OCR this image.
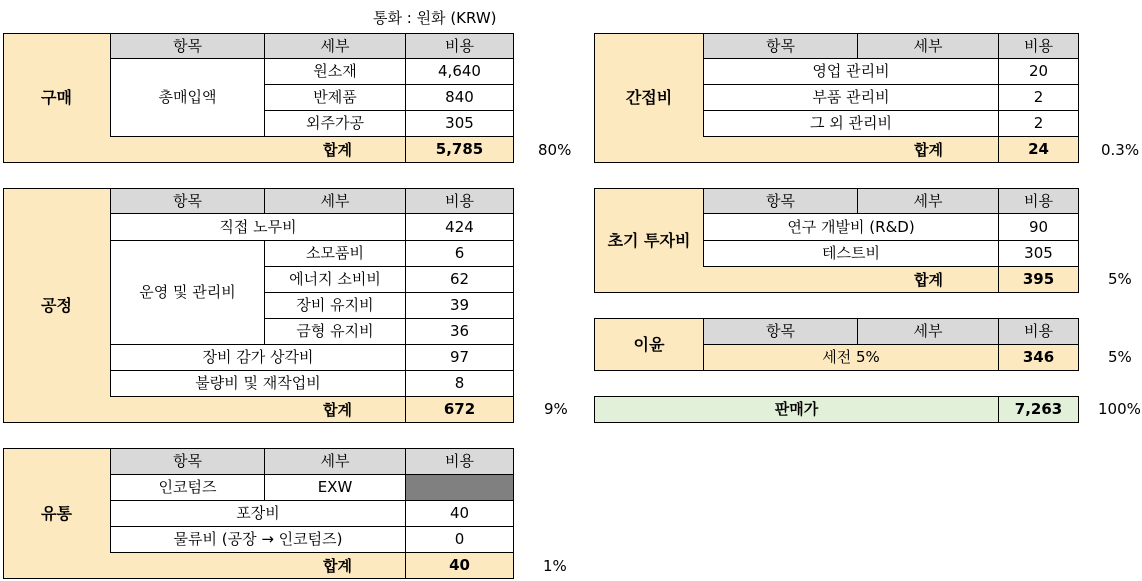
통화 : 원화 (KRW)
구매
항목	세부	비용
총매입액
원소재	4,640
반제품	840
외주가공	305
합계	5,785	80%
공정
항목	세부	비용
직접 노무비	424
운영 및 관리비
소모품비	6
에너지 소비비	62
장비 유지비	39
금형 유지비	36
장비 감가 상각비	97
불량비 및 재작업비	8
합계	672	9%
유통
항목	세부	비용
인코텀즈	EXW
포장비	40
물류비 (공장 → 인코텀즈)	0
합계	40	1%
간접비
항목	세부	비용
영업 관리비	20
부품 관리비	2
그 외 관리비	2
합계	24	0.3%
초기 투자비
항목	세부	비용
연구 개발비 (R&D)	90
테스트비	305
합계	395	5%
이윤
항목	세부	비용
세전 5%	346	5%
판매가	7,263	100%
